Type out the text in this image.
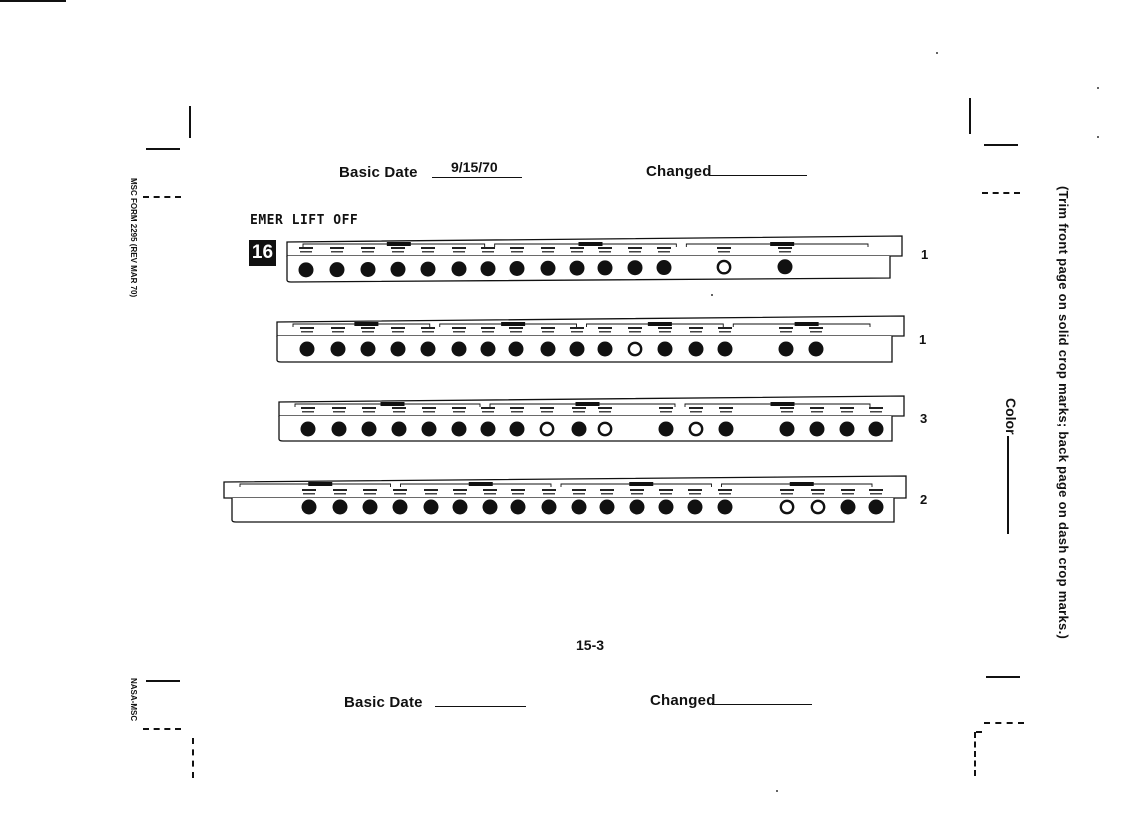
MSC FORM 2295 (REV MAR 70)
NASA-MSC
Basic Date 9/15/70	Changed
EMER LIFT OFF
16	1
1
3
2
Color	(Trim front page on solid crop marks; back page on dash crop marks.)
15-3
Basic Date	Changed
